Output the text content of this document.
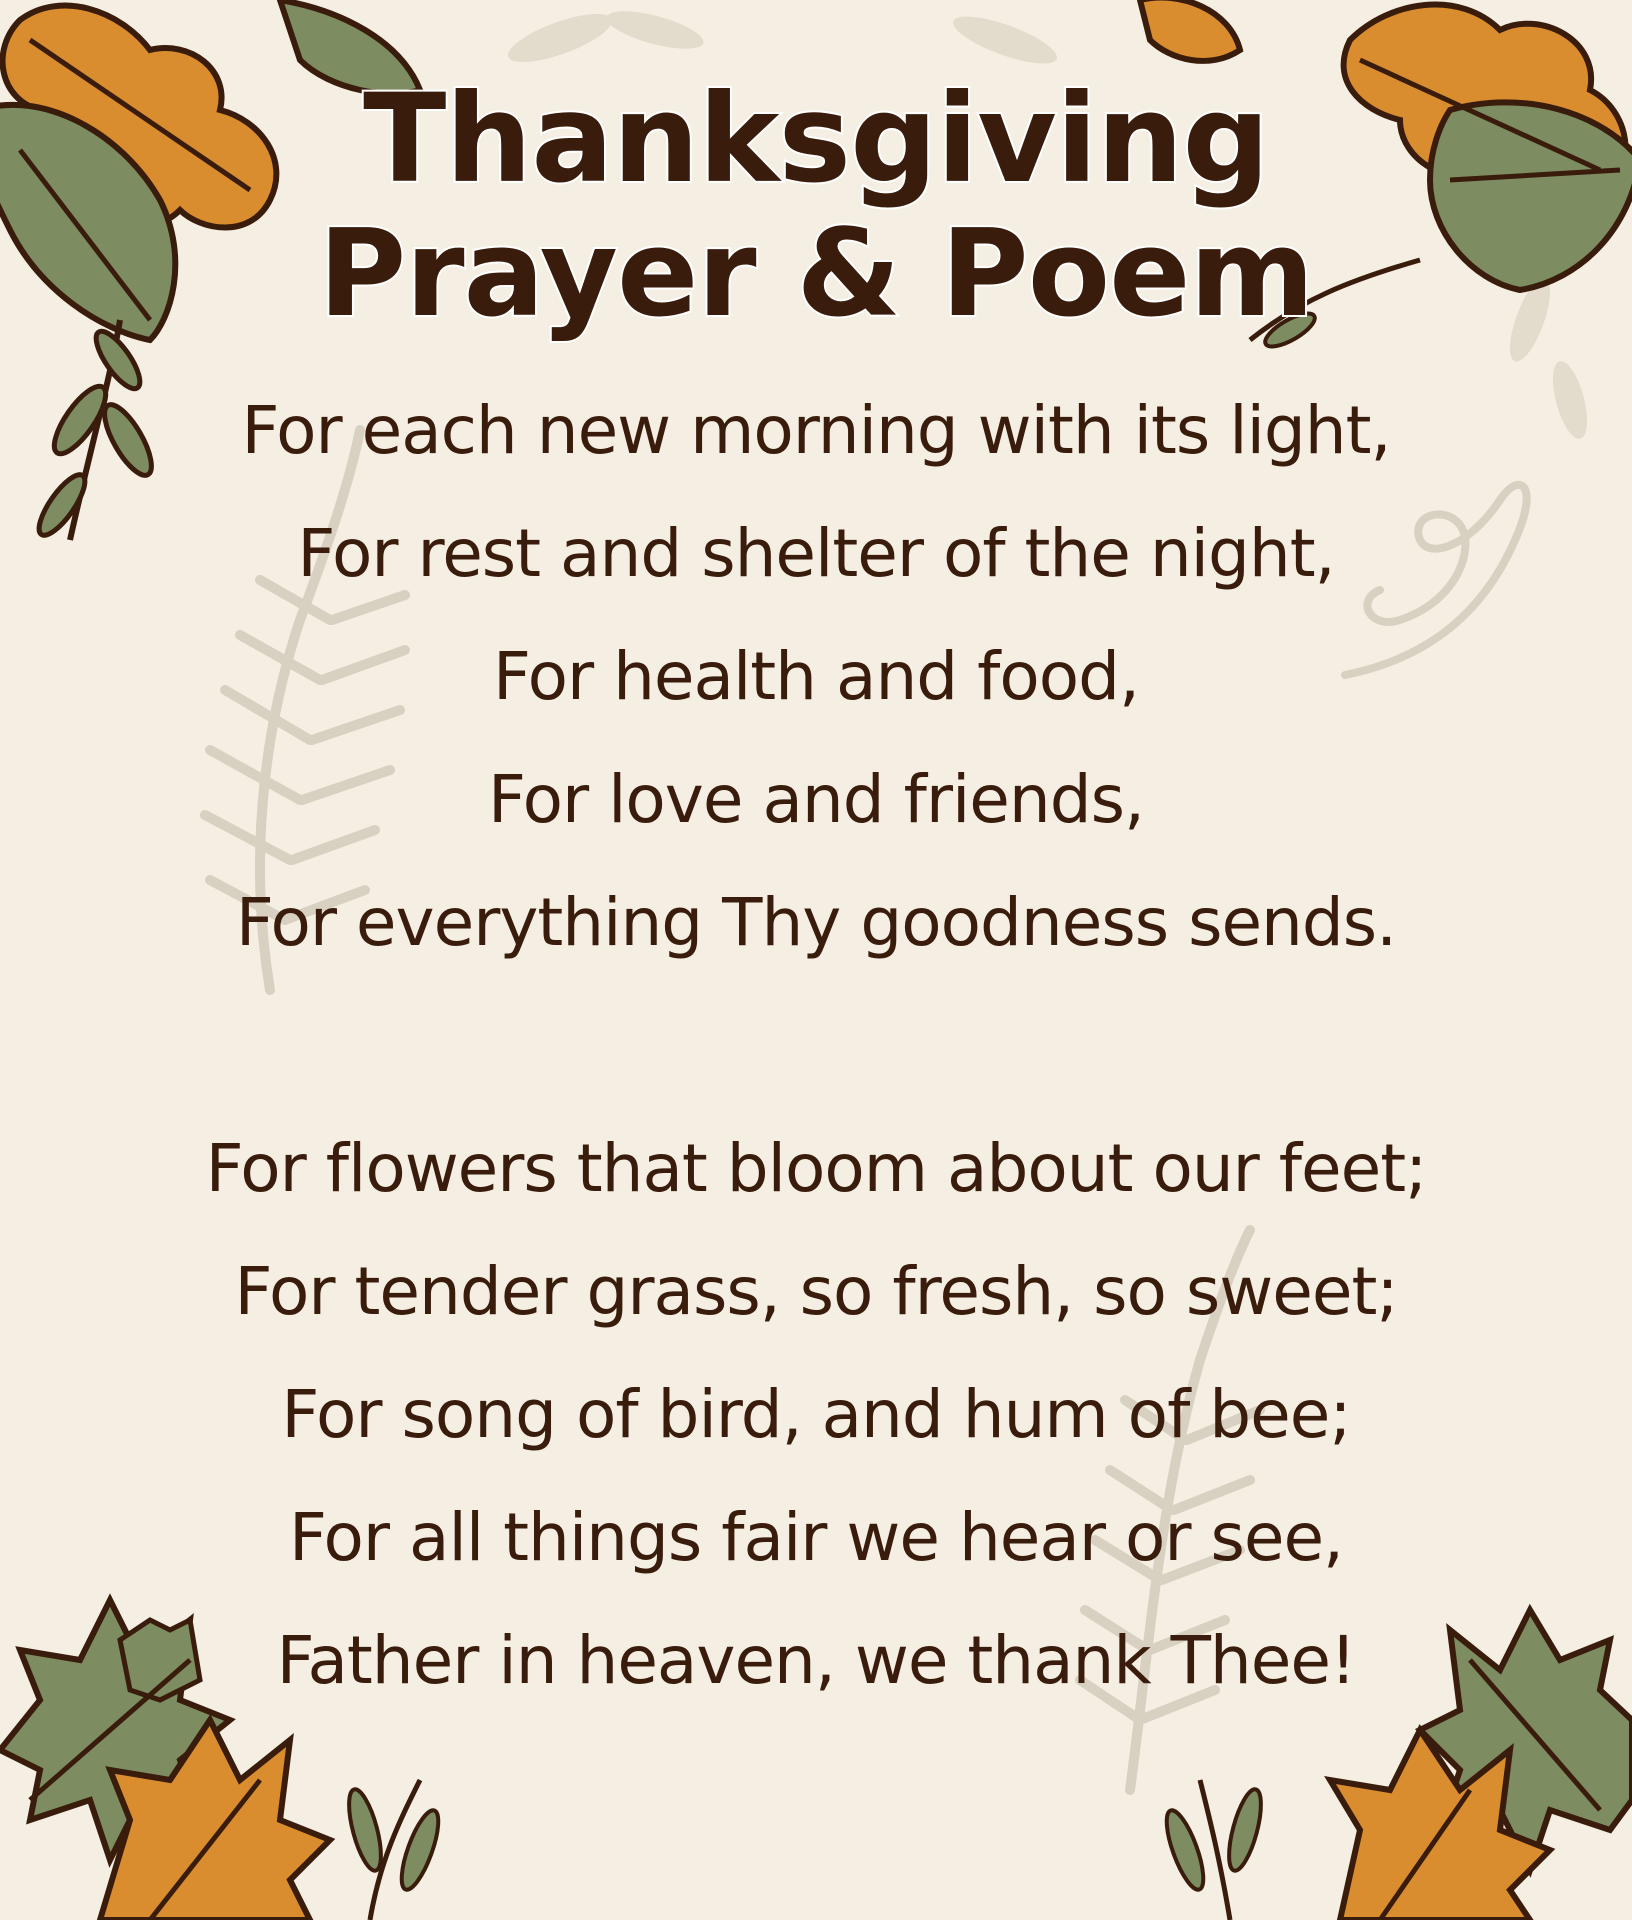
Thanksgiving
Prayer & Poem
For each new morning with its light,
For rest and shelter of the night,
For health and food,
For love and friends,
For everything Thy goodness sends.
For flowers that bloom about our feet;
For tender grass, so fresh, so sweet;
For song of bird, and hum of bee;
For all things fair we hear or see,
Father in heaven, we thank Thee!
